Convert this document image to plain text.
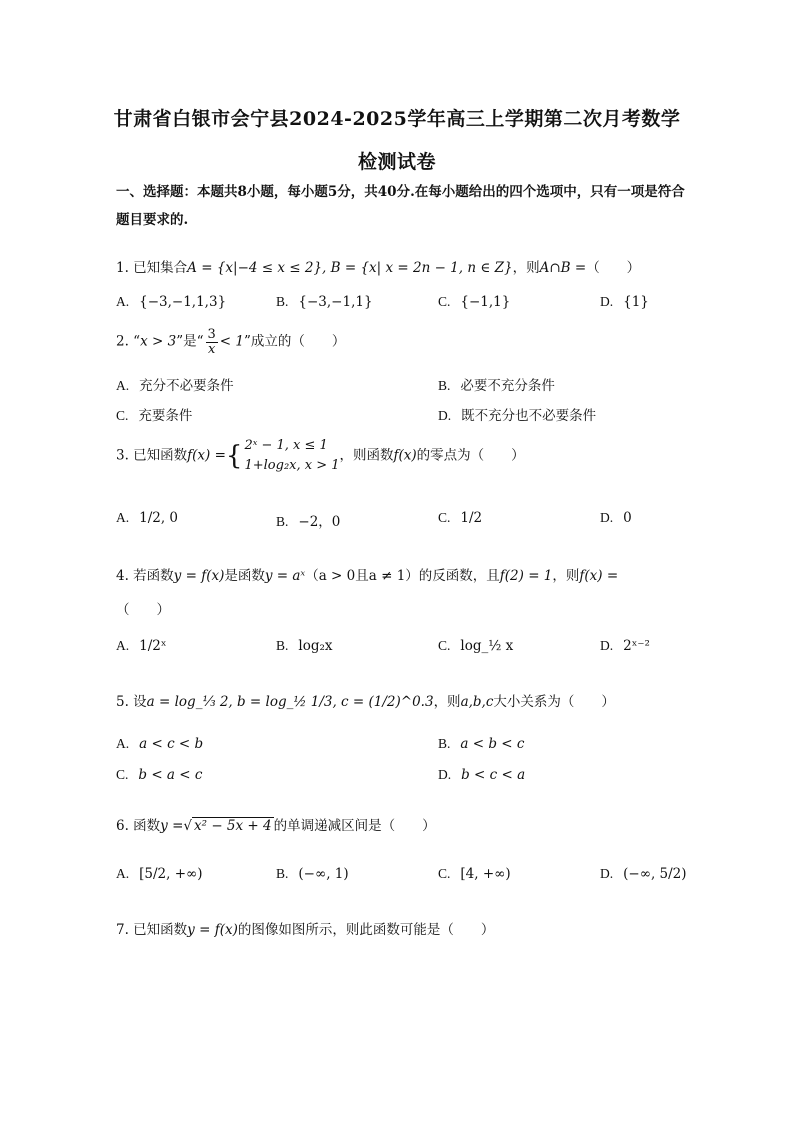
甘肃省白银市会宁县2024-2025学年高三上学期第二次月考数学
检测试卷
一、选择题：本题共8小题，每小题5分，共40分.在每小题给出的四个选项中，只有一项是符合题目要求的.
1. 已知集合A = {x|−4 ≤ x ≤ 2}, B = {x| x = 2n − 1, n ∈ Z}，则A∩B =（　　）
A. {−3,−1,1,3}	B. {−3,−1,1}	C. {−1,1}	D. {1}
2. “x > 3”是“ $\frac{3}{x} < 1$”成立的（　　）
A. 充分不必要条件	B. 必要不充分条件
C. 充要条件	D. 既不充分也不必要条件
3. 已知函数f(x) ={ 2ˣ − 1, x ≤ 1
1+log₂x, x > 1
，则函数f(x)的零点为（　　）
A. 1/2, 0	B. −2，0	C. 1/2	D. 0
4. 若函数y = f(x)是函数y = aˣ（a > 0且a ≠ 1）的反函数，且f(2) = 1，则f(x) =
（　　）
A. 1/2ˣ	B. log₂x	C. log_½ x	D. 2ˣ⁻²
5. 设a = log_⅓ 2, b = log_½ 1/3, c = (1/2)^0.3，则a,b,c大小关系为（　　）
A. a < c < b	B. a < b < c
C. b < a < c	D. b < c < a
6. 函数y =√ x² − 5x + 4 的单调递减区间是（　　）
A. [5/2, +∞)	B. (−∞, 1)	C. [4, +∞)	D. (−∞, 5/2)
7. 已知函数y = f(x)的图像如图所示，则此函数可能是（　　）
